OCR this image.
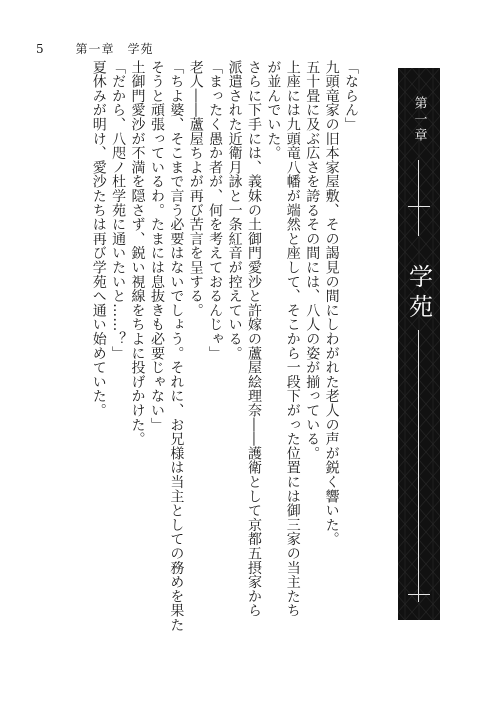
5	第一章　学苑

「ならん」

九頭竜家の旧本家屋敷、その謁見の間にしわがれた老人の声が鋭く響いた。

五十畳に及ぶ広さを誇るその間には、八人の姿が揃っている。

上座には九頭竜八幡が端然と座して、そこから一段下がった位置には御三家の当主たち

が並んでいた。

さらに下手には、義妹の土御門愛沙と許嫁の蘆屋絵理奈――護衛として京都五摂家から

派遣された近衛月詠と一条紅音が控えている。

「まったく愚か者が、何を考えておるんじゃ」

老人――蘆屋ちよが再び苦言を呈する。

「ちよ婆、そこまで言う必要はないでしょう。それに、お兄様は当主としての務めを果た

そうと頑張っているわ。たまには息抜きも必要じゃない」

土御門愛沙が不満を隠さず、鋭い視線をちよに投げかけた。

「だから、八咫ノ杜学苑に通いたいと……？」

夏休みが明け、愛沙たちは再び学苑へ通い始めていた。	第一章
学苑
